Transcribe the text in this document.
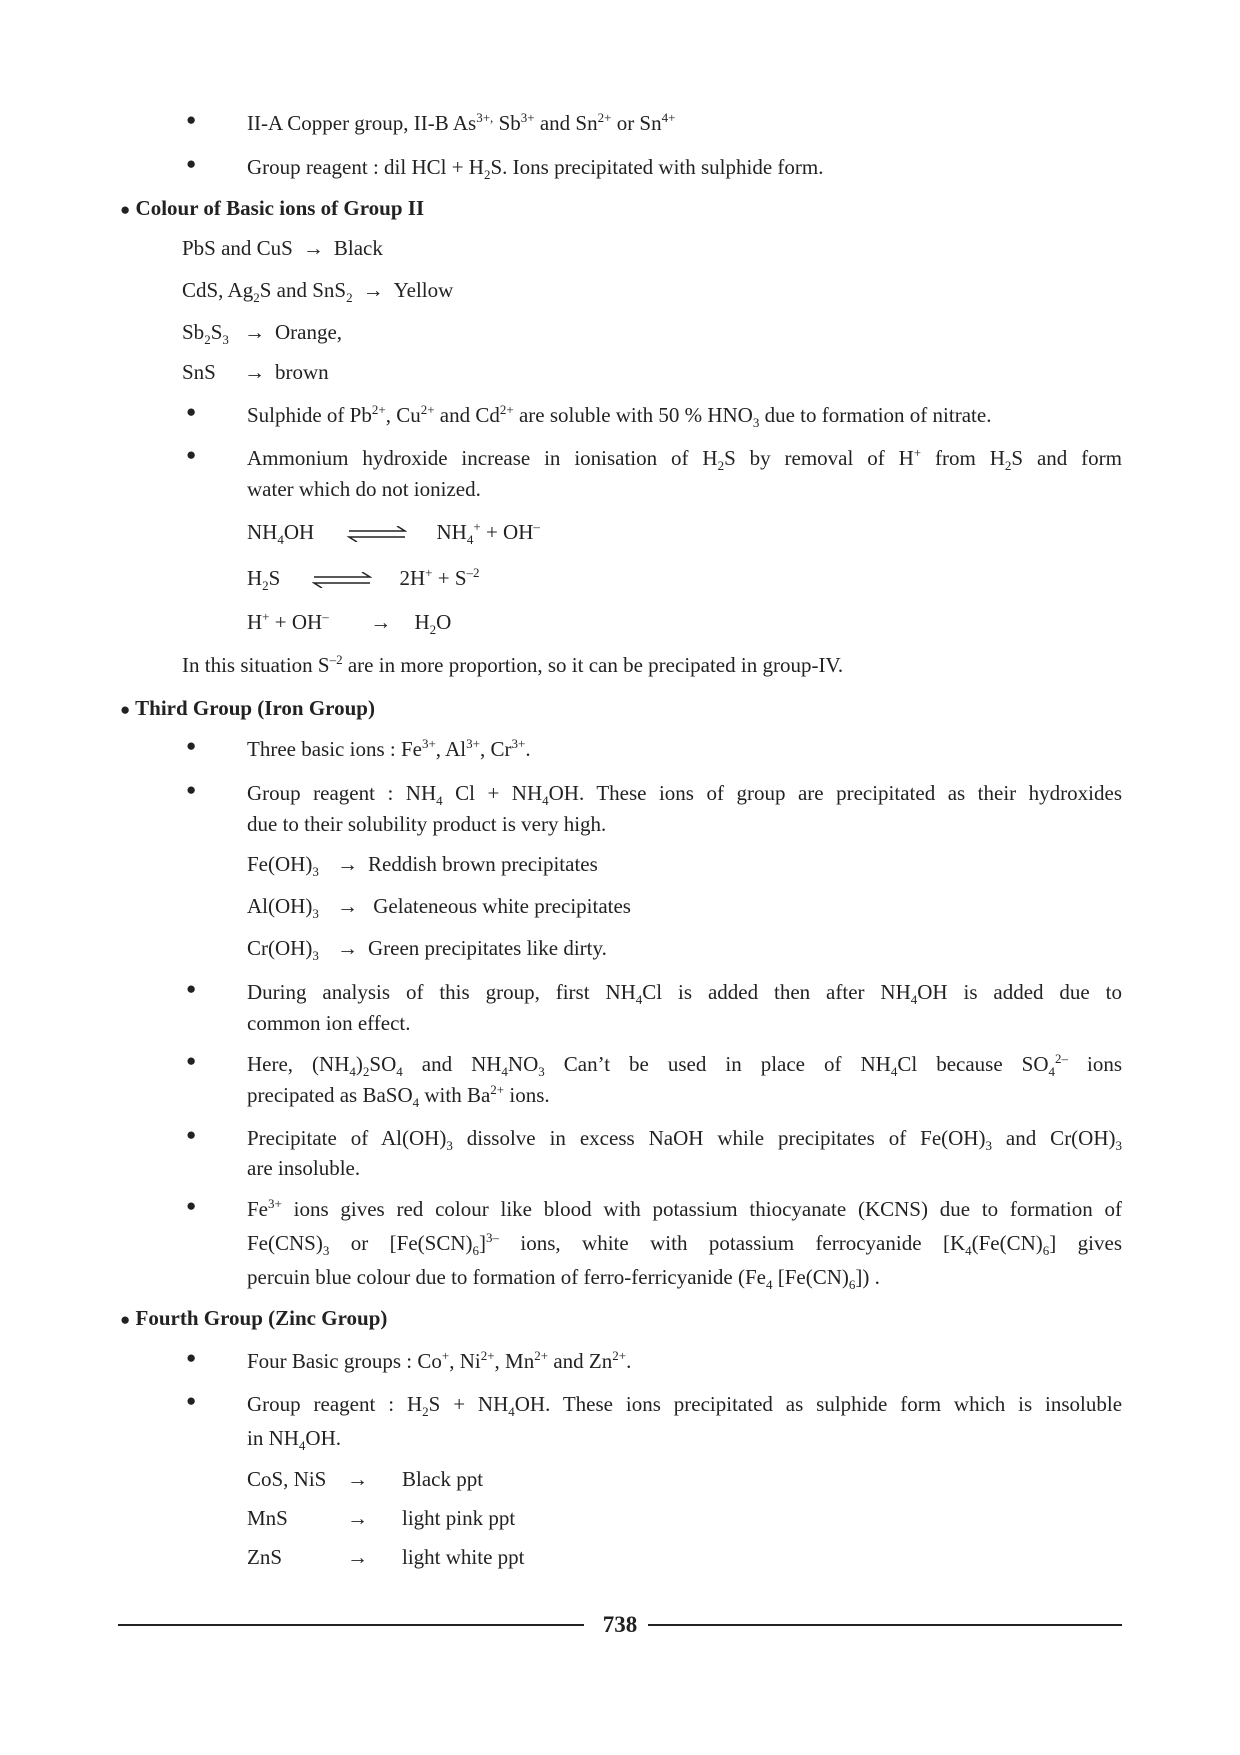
● II-A Copper group, II-B $As^{3+,}$ $Sb^{3+}$ and $Sn^{2+}$ or $Sn^{4+}$
● Group reagent : dil HCl + $H_2S$. Ions precipitated with sulphide form.
● Colour of Basic ions of Group II
PbS and CuS → Black
CdS, $Ag_2S$ and SnS$_2$ → Yellow
$Sb_2S_3$ → Orange,
SnS → brown
● Sulphide of $Pb^{2+}$, $Cu^{2+}$ and $Cd^{2+}$ are soluble with 50 % $HNO_3$ due to formation of nitrate.
● Ammonium hydroxide increase in ionisation of $H_2S$ by removal of H+ from $H_2S$ and form
water which do not ionized.
$NH_4OH$ ⇌ $NH_4^+ + OH^-$
$H_2S$ ⇌ $2H^+ + S^{-2}$
$H^+ + OH^- \to H_2O$
In this situation $S^{-2}$ are in more proportion, so it can be precipated in group-IV.
● Third Group (Iron Group)
● Three basic ions : $Fe^{3+}$, $Al^{3+}$, $Cr^{3+}$.
● Group reagent : $NH_4$ $Cl + NH_4OH$. These ions of group are precipitated as their hydroxides
due to their solubility product is very high.
$Fe(OH)_3$ → Reddish brown precipitates
$Al(OH)_3$ → Gelateneous white precipitates
$Cr(OH)_3$ → Green precipitates like dirty.
● During analysis of this group, first $NH_4Cl$ is added then after $NH_4OH$ is added due to
common ion effect.
● Here, $(NH_4)_2SO_4$ and $NH_4NO_3$ Can’t be used in place of $NH_4Cl$ because $SO_4^{2-}$ ions
precipated as BaSO$_4$ with $Ba^{2+}$ ions.
● Precipitate of $Al(OH)_3$ dissolve in excess NaOH while precipitates of $Fe(OH)_3$ and $Cr(OH)_3$
are insoluble.
● $Fe^{3+}$ ions gives red colour like blood with potassium thiocyanate (KCNS) due to formation of
$Fe(CNS)_3$ or $[Fe(SCN)_6]^{3-}$ ions, white with potassium ferrocyanide [$K_4(Fe(CN)_6]$ gives
percuin blue colour due to formation of ferro-ferricyanide ($Fe_4$ $[Fe(CN)_6]$) .
● Fourth Group (Zinc Group)
● Four Basic groups : Co+, $Ni^{2+}$, $Mn^{2+}$ and $Zn^{2+}$.
● Group reagent : $H_2S + NH_4OH$. These ions precipitated as sulphide form which is insoluble
in $NH_4OH$.
CoS, NiS → Black ppt
MnS	→ light pink ppt
ZnS	→ light white ppt
738
